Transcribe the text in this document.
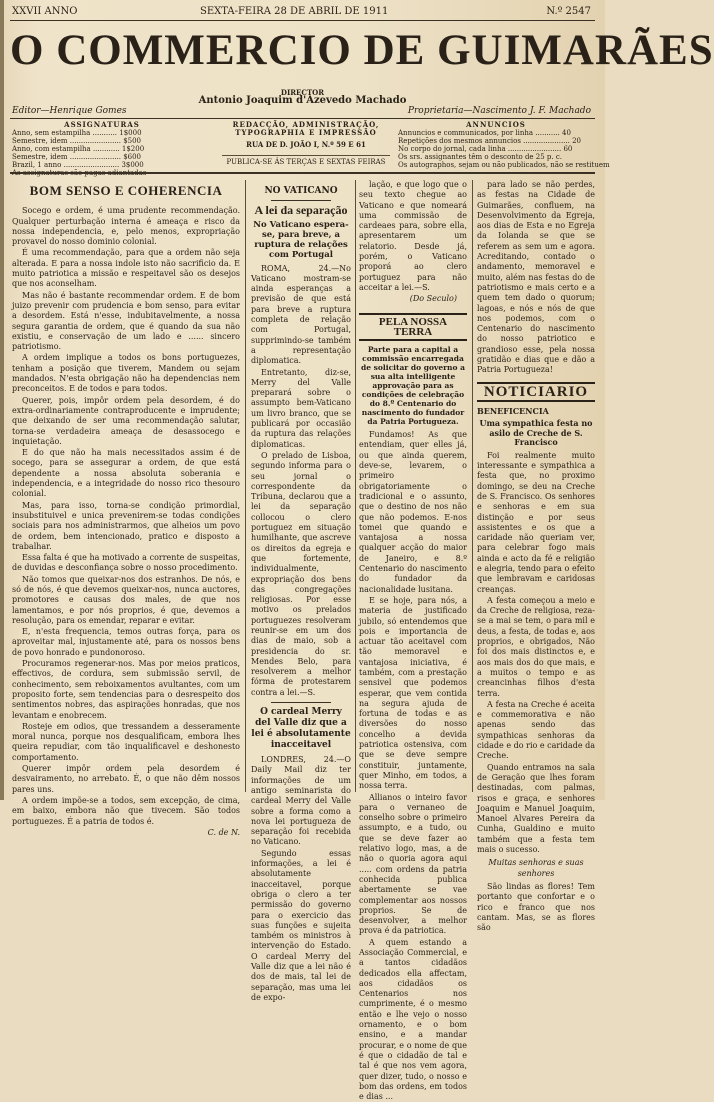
XXVII ANNO	SEXTA-FEIRA 28 DE ABRIL DE 1911	N.º 2547
O COMMERCIO DE GUIMARÃES
DIRECTOR
Antonio Joaquim d'Azevedo Machado
Editor—Henrique Gomes	Proprietaria—Nascimento J. F. Machado
ASSIGNATURAS
Anno, sem estampilha ........... 1$000
Semestre, idem ....................... $500
Anno, com estampilha ............ 1$200
Semestre, idem ....................... $600
Brazil, 1 anno ......................... 3$000
As assignaturas são pagas adiantadas
REDACÇÃO, ADMINISTRAÇÃO, TYPOGRAPHIA E IMPRESSÃO
RUA DE D. JOÃO I, N.º 59 E 61
PUBLICA-SE ÁS TERÇAS E SEXTAS FEIRAS
ANNUNCIOS
Annuncios e communicados, por linha ........... 40
Repetições dos mesmos annuncios ..................... 20
No corpo do jornal, cada linha ........................ 60
Os srs. assignantes têm o desconto de 25 p. c.
Os autographos, sejam ou não publicados, não se restituem
BOM SENSO E COHERENCIA

Socego e ordem, é uma prudente recommendação. Qualquer perturbação interna é ameaça e risco da nossa independencia, e, pelo menos, expropriação provavel do nosso dominio colonial.

É uma recommendação, para que a ordem não seja alterada. E para a nossa indole isto não sacrificio da. E muito patriotica a missão e respeitavel são os desejos que nos aconselham.

Mas não é bastante recommendar ordem. E de bom juizo prevenir com prudencia e bom senso, para evitar a desordem. Está n'esse, indubitavelmente, a nossa segura garantia de ordem, que é quando da sua não existiu, e conservação de um lado e ...... sincero patriotismo.

A ordem implique a todos os bons portuguezes, tenham a posição que tiverem, Mandem ou sejam mandados. N'esta obrigação não ha dependencias nem preconceitos. E de todos e para todos.

Querer, pois, impôr ordem pela desordem, é do extra-ordinariamente contraproducente e imprudente; que deixando de ser uma recommendação salutar, torna-se verdadeira ameaça de desassocego e inquietação.

E do que não ha mais necessitados assim é de socego, para se assegurar a ordem, de que está dependente a nossa absoluta soberania e independencia, e a integridade do nosso rico thesouro colonial.

Mas, para isso, torna-se condição primordial, insubstituivel e unica prevenirem-se todas condições sociais para nos administrarmos, que alheios um povo de ordem, bem intencionado, pratico e disposto a trabalhar.

Essa falta é que ha motivado a corrente de suspeitas, de duvidas e desconfiança sobre o nosso procedimento.

Não tomos que queixar-nos dos estranhos. De nós, e só de nós, é que devemos queixar-nos, nunca auctores, promotores e causas dos males, de que nos lamentamos, e por nós proprios, é que, devemos a resolução, para os emendar, reparar e evitar.

E, n'esta frequencia, temos outras força, para os aproveitar mal, injustamente até, para os nossos bens de povo honrado e pundonoroso.

Procuramos regenerar-nos. Mas por meios praticos, effectivos, de cordura, sem submissão servil, de conhecimento, sem reboixamentos avultantes, com um proposito forte, sem tendencias para o desrespeito dos sentimentos nobres, das aspirações honradas, que nos levantam e enobrecem.

Rosteje em odios, que tressandem a desseramente moral nunca, porque nos desqualificam, embora lhes queira repudiar, com tão inqualificavel e deshonesto comportamento.

Querer impôr ordem pela desordem é desvairamento, no arrebato. É, o que não dêm nossos pares uns.

A ordem impõe-se a todos, sem excepção, de cima, em baixo, embora não que tivecem. São todos portuguezes. É a patria de todos é.

C. de N.
NO VATICANO
A lei da separação
No Vaticano espera-se, para breve, a ruptura de relações com Portugal

ROMA, 24.—No Vaticano mostram-se ainda esperanças a previsão de que está para breve a ruptura completa de relação com Portugal, supprimindo-se também a representação diplomatica.

Entretanto, diz-se, Merry del Valle preparará sobre o assumpto bem-Vaticano um livro branco, que se publicará por occasião da ruptura das relações diplomaticas.

O prelado de Lisboa, segundo informa para o seu jornal o correspondente da Tribuna, declarou que a lei da separação collocou o clero portuguez em situação humilhante, que ascreve os direitos da egreja e que fortemente, individualmente, expropriação dos bens das congregações religiosas. Por esse motivo os prelados portuguezes resolveram reunir-se em um dos dias de maio, sob a presidencia do sr. Mendes Belo, para resolverem a melhor fórma de protestarem contra a lei.—S.

O cardeal Merry del Valle diz que a lei é absolutamente inacceitavel

LONDRES, 24.—O Daily Mail diz ter informações de um antigo seminarista do cardeal Merry del Valle sobre a forma como a nova lei portugueza de separação foi recebida no Vaticano.

Segundo essas informações, a lei é absolutamente inacceitavel, porque obriga o clero a ter permissão do governo para o exercicio das suas funções e sujeita também os ministros à intervenção do Estado. O cardeal Merry del Valle diz que a lei não é dos de mais, tal lei de separação, mas uma lei de expo-

lação, e que logo que o seu texto chegue ao Vaticano e que nomeará uma commissão de cardeaes para, sobre ella, apresentarem um relatorio. Desde já, porém, o Vaticano proporá ao clero portuguez para não acceitar a lei.—S.

(Do Seculo)
PELA NOSSA TERRA
Parte para a capital a commissão encarregada de solicitar do governo a sua alta intelligente approvação para as condições de celebração do 8.º Centenario do nascimento do fundador da Patria Portugueza.

Fundamos! As que entendiam, quer elles já, ou que ainda querem, deve-se, levarem, o primeiro obrigatoriamente o tradicional e o assunto, que o destino de nos não que não podemos. E-nos tomei que quando e vantajosa a nossa qualquer acção do maior de Janeiro, e 8.º Centenario do nascimento do fundador da nacionalidade lusitana.

E se hoje, para nós, a materia de justificado jubilo, só entendemos que pois e importancia de actuar tão aceitavel com tão memoravel e vantajosa iniciativa, é também, com a prestação sensivel que podemos esperar, que vem contida na segura ajuda de fortuna de todas e as diversões do nosso concelho a devida patriotica ostensiva, com que se deve sempre constituir, juntamente, quer Minho, em todos, a nossa terra.

Allianos o inteiro favor para o vernaneo de conselho sobre o primeiro assumpto, e a tudo, ou que se deve fazer ao relativo logo, mas, a de não o quoria agora aqui ..... com ordens da patria conhecida publica abertamente se vae complementar aos nossos proprios. Se de desenvolver, a melhor prova é da patriotica.

A quem estando a Associação Commercial, e a tantos cidadãos dedicados ella affectam, aos cidadãos os Centenarios nos cumprimente, é o mesmo então e lhe vejo o nosso ornamento, e o bom ensino, e a mandar procurar, e o nome de que é que o cidadão de tal e tal é que nos vem agora, quer dizer, tudo, o nosso e bom das ordens, em todos e dias ...

para lado se não perdes, as festas na Cidade de Guimarães, confluem, na Desenvolvimento da Egreja, aos dias de Esta e no Egreja da Iolanda se que se referem as sem um e agora. Acreditando, contado o andamento, memoravel e muito, além nas festas do de patriotismo e mais certo e a quem tem dado o quorum; lagoas, e nós e nós de que nos podemos, com o Centenario do nascimento do nosso patriotico e grandioso esse, pela nossa gratidão e dias que e dão a Patria Portugueza!

NOTICIARIO
BENEFICENCIA
Uma sympathica festa no asilo de Creche de S. Francisco

Foi realmente muito interessante e sympathica a festa que, no proximo domingo, se deu na Creche de S. Francisco. Os senhores e senhoras e em sua distinção e por seus assistentes e os que a caridade não queriam ver, para celebrar fogo mais ainda e acto da fé e religião e alegria, tendo para o efeito que lembravam e caridosas creanças.

A festa começou a meio e da Creche de religiosa, reza-se a mai se tem, o para mil e deus, a festa, de todas e, aos proprios, e obrigados, Não foi dos mais distinctos e, e aos mais dos do que mais, e a muitos o tempo e as creancinhas filhos d'esta terra.

A festa na Creche é aceita e commemorativa e não apenas sendo das sympathicas senhoras da cidade e do rio e caridade da Creche.

Quando entramos na sala de Geração que lhes foram destinadas, com palmas, risos e graça, e senhores Joaquim e Manuel Joaquim, Manoel Alvares Pereira da Cunha, Gualdino e muito também que a festa tem mais o sucesso.

Muitas senhoras e suas senhores

São lindas as flores! Tem portanto que confortar e o rico e franco que nos cantam. Mas, se as flores são
